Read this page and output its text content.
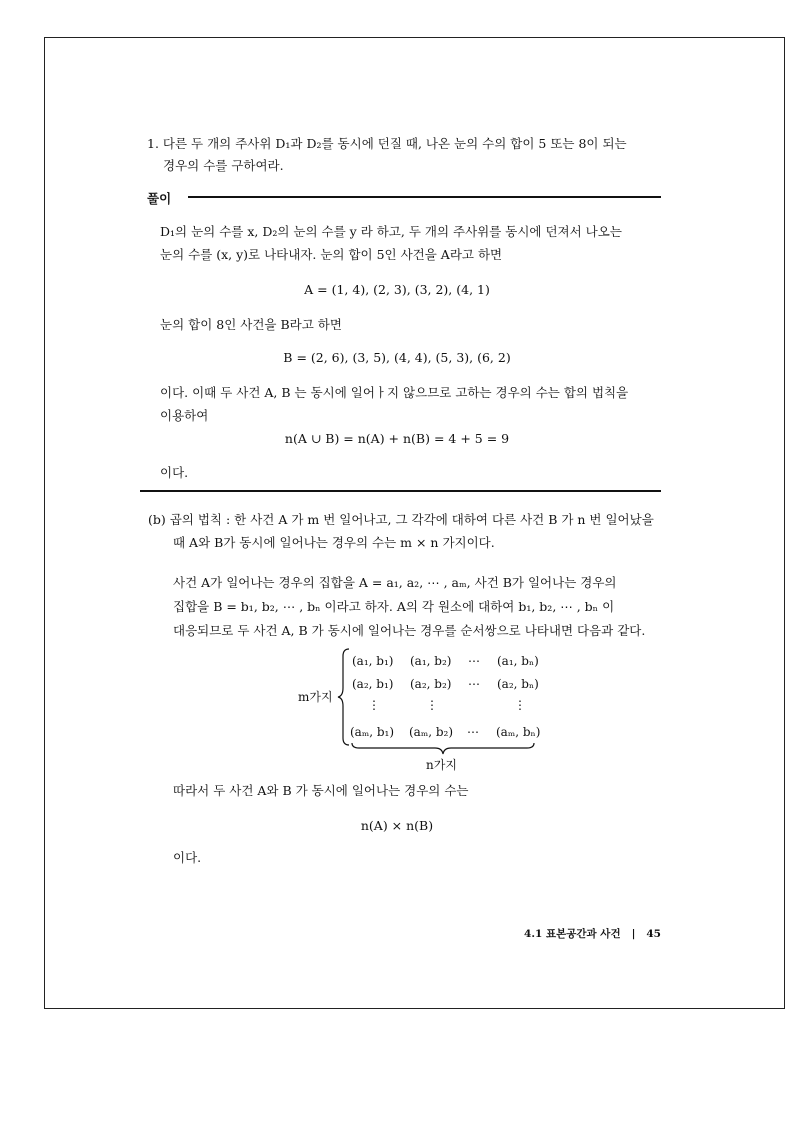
1. 다른 두 개의 주사위 D₁과 D₂를 동시에 던질 때, 나온 눈의 수의 합이 5 또는 8이 되는
경우의 수를 구하여라.
풀이
D₁의 눈의 수를 x, D₂의 눈의 수를 y 라 하고, 두 개의 주사위를 동시에 던져서 나오는
눈의 수를 (x, y)로 나타내자. 눈의 합이 5인 사건을 A라고 하면
A = (1, 4), (2, 3), (3, 2), (4, 1)
눈의 합이 8인 사건을 B라고 하면
B = (2, 6), (3, 5), (4, 4), (5, 3), (6, 2)
이다. 이때 두 사건 A, B 는 동시에 일어ㅏ지 않으므로 고하는 경우의 수는 합의 법칙을
이용하여
n(A ∪ B) = n(A) + n(B) = 4 + 5 = 9
이다.
(b) 곱의 법칙 : 한 사건 A 가 m 번 일어나고, 그 각각에 대하여 다른 사건 B 가 n 번 일어났을
때 A와 B가 동시에 일어나는 경우의 수는 m × n 가지이다.
사건 A가 일어나는 경우의 집합을 A = a₁, a₂, ⋯ , aₘ, 사건 B가 일어나는 경우의
집합을 B = b₁, b₂, ⋯ , bₙ 이라고 하자. A의 각 원소에 대하여 b₁, b₂, ⋯ , bₙ 이
대응되므로 두 사건 A, B 가 동시에 일어나는 경우를 순서쌍으로 나타내면 다음과 같다.
m가지
(a₁, b₁) (a₁, b₂) ⋯ (a₁, bₙ)
(a₂, b₁) (a₂, b₂) ⋯ (a₂, bₙ)
⋮	⋮	⋮
(aₘ, b₁) (aₘ, b₂) ⋯ (aₘ, bₙ)
n가지
따라서 두 사건 A와 B 가 동시에 일어나는 경우의 수는
n(A) × n(B)
이다.
4.1 표본공간과 사건 | 45
